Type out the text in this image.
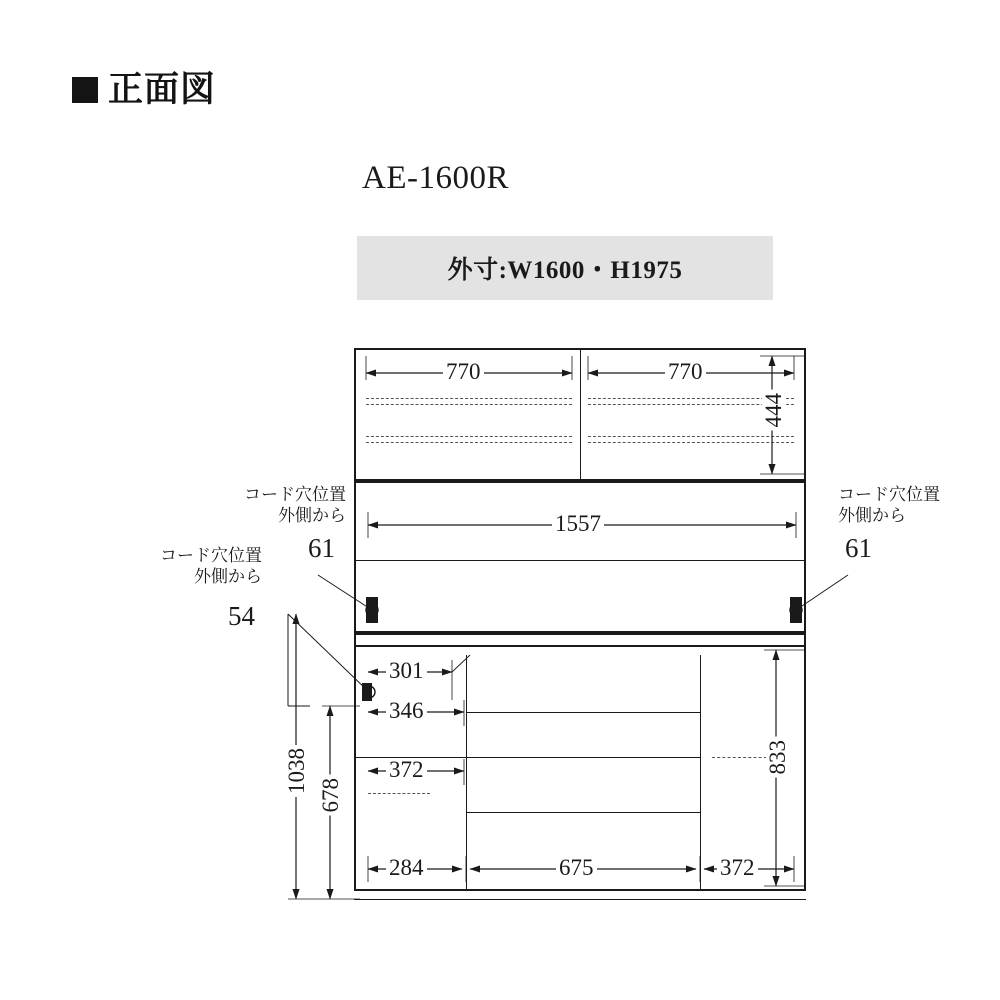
正面図
AE-1600R
外寸:W1600・H1975
770	770
444
1557
301
346
372
284	675	372
833
1038
678
コード穴位置
外側から
61
コード穴位置
外側から
54
コード穴位置
外側から
61
